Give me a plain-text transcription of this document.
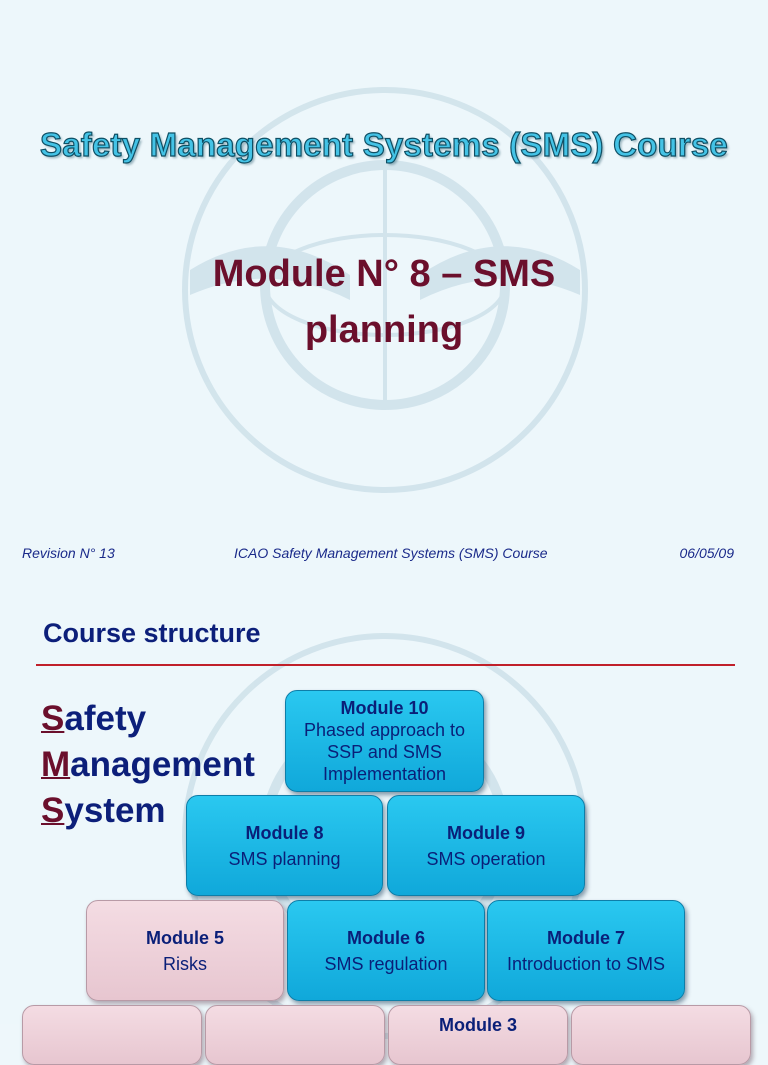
Safety Management Systems (SMS) Course
Module N° 8 – SMS
planning
Revision N° 13	ICAO Safety Management Systems (SMS) Course	06/05/09
Course structure
Safety
Management
System
Module 10
Phased approach to
SSP and SMS
Implementation
Module 8
SMS planning
Module 9
SMS operation
Module 5
Risks
Module 6
SMS regulation
Module 7
Introduction to SMS
Module 3
